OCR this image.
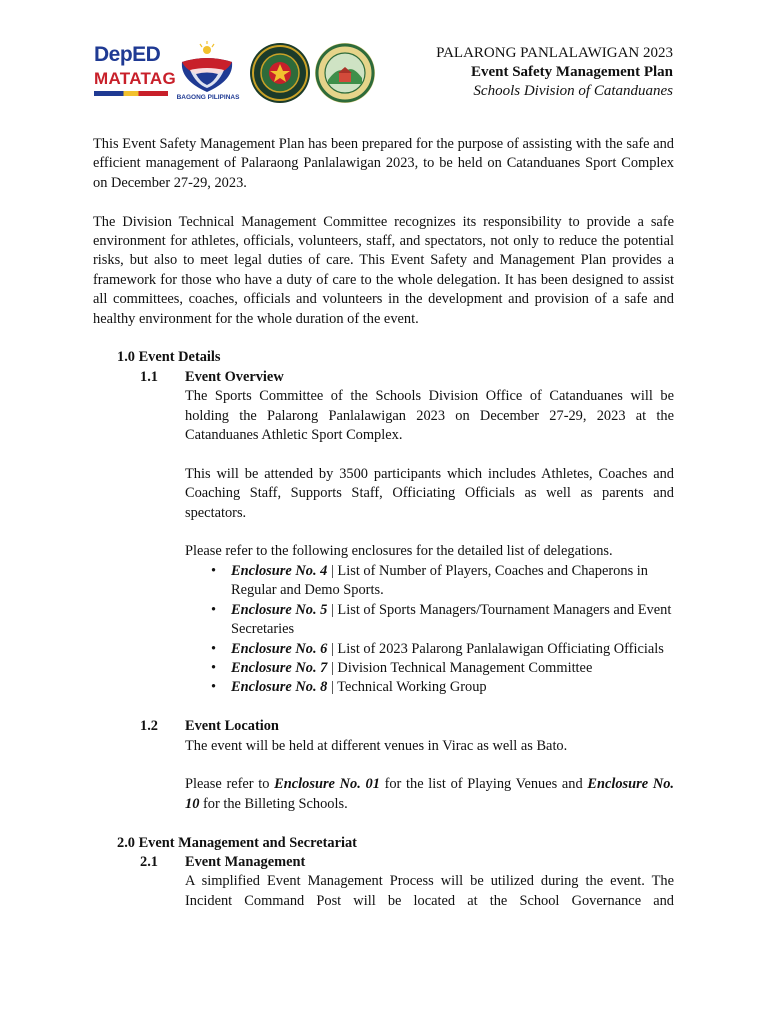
DepED
MATATAG
BAGONG PILIPINAS
PALARONG PANLALAWIGAN 2023
Event Safety Management Plan
Schools Division of Catanduanes

This Event Safety Management Plan has been prepared for the purpose of assisting with the safe and efficient management of Palaraong Panlalawigan 2023, to be held on Catanduanes Sport Complex on December 27-29, 2023.

The Division Technical Management Committee recognizes its responsibility to provide a safe environment for athletes, officials, volunteers, staff, and spectators, not only to reduce the potential risks, but also to meet legal duties of care. This Event Safety and Management Plan provides a framework for those who have a duty of care to the whole delegation. It has been designed to assist all committees, coaches, officials and volunteers in the development and provision of a safe and healthy environment for the whole duration of the event.

1.0 Event Details

1.1	Event Overview

The Sports Committee of the Schools Division Office of Catanduanes will be holding the Palarong Panlalawigan 2023 on December 27-29, 2023 at the Catanduanes Athletic Sport Complex.

This will be attended by 3500 participants which includes Athletes, Coaches and Coaching Staff, Supports Staff, Officiating Officials as well as parents and spectators.

Please refer to the following enclosures for the detailed list of delegations.

• Enclosure No. 4 | List of Number of Players, Coaches and Chaperons in Regular and Demo Sports.
• Enclosure No. 5 | List of Sports Managers/Tournament Managers and Event Secretaries
• Enclosure No. 6 | List of 2023 Palarong Panlalawigan Officiating Officials
• Enclosure No. 7 | Division Technical Management Committee
• Enclosure No. 8 | Technical Working Group
1.2	Event Location

The event will be held at different venues in Virac as well as Bato.

Please refer to Enclosure No. 01 for the list of Playing Venues and Enclosure No. 10 for the Billeting Schools.

2.0 Event Management and Secretariat

2.1	Event Management

A simplified Event Management Process will be utilized during the event. The Incident Command Post will be located at the School Governance and
